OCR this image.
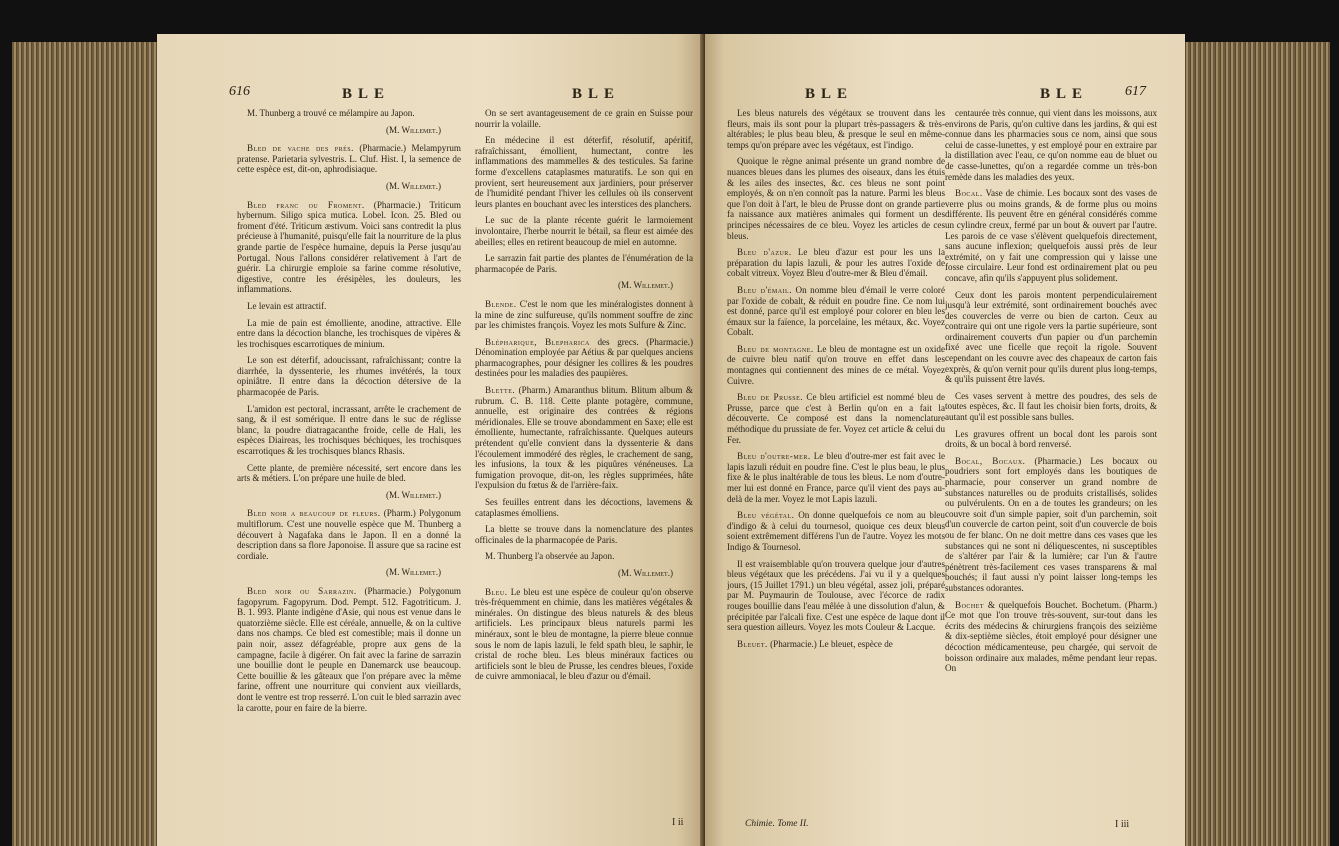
616	BLE	BLE

M. Thunberg a trouvé ce mélampire au Japon.

(M. Willemet.)

Bled de vache des prés. (Pharmacie.) Melampyrum pratense. Parietaria sylvestris. L. Cluf. Hist. I, la semence de cette espèce est, dit-on, aphrodisiaque.

(M. Willemet.)

Bled franc ou Froment. (Pharmacie.) Triticum hybernum. Siligo spica mutica. Lobel. Icon. 25. Bled ou froment d'été. Triticum æstivum. Voici sans contredit la plus précieuse à l'humanité, puisqu'elle fait la nourriture de la plus grande partie de l'espèce humaine, depuis la Perse jusqu'au Portugal. Nous l'allons considérer relativement à l'art de guérir. La chirurgie emploie sa farine comme résolutive, digestive, contre les érésipèles, les douleurs, les inflammations.

Le levain est attractif.

La mie de pain est émolliente, anodine, attractive. Elle entre dans la décoction blanche, les trochisques de vipères & les trochisques escarrotiques de minium.

Le son est déterfif, adoucissant, rafraîchissant; contre la diarrhée, la dyssenterie, les rhumes invétérés, la toux opiniâtre. Il entre dans la décoction détersive de la pharmacopée de Paris.

L'amidon est pectoral, incrassant, arrête le crachement de sang, & il est somérique. Il entre dans le suc de réglisse blanc, la poudre diatragacanthe froide, celle de Hali, les espèces Diaireas, les trochisques béchiques, les trochisques escarrotiques & les trochisques blancs Rhasis.

Cette plante, de première nécessité, sert encore dans les arts & métiers. L'on prépare une huile de bled.

(M. Willemet.)

Bled noir a beaucoup de fleurs. (Pharm.) Polygonum multiflorum. C'est une nouvelle espèce que M. Thunberg a découvert à Nagafaka dans le Japon. Il en a donné la description dans sa flore Japonoise. Il assure que sa racine est cordiale.

(M. Willemet.)

Bled noir ou Sarrazin. (Pharmacie.) Polygonum fagopyrum. Fagopyrum. Dod. Pempt. 512. Fagotriticum. J. B. 1. 993. Plante indigène d'Asie, qui nous est venue dans le quatorzième siècle. Elle est céréale, annuelle, & on la cultive dans nos champs. Ce bled est comestible; mais il donne un pain noir, assez défagréable, propre aux gens de la campagne, facile à digérer. On fait avec la farine de sarrazin une bouillie dont le peuple en Danemarck use beaucoup. Cette bouillie & les gâteaux que l'on prépare avec la même farine, offrent une nourriture qui convient aux vieillards, dont le ventre est trop resserré. L'on cuit le bled sarrazin avec la carotte, pour en faire de la bierre.

On se sert avantageusement de ce grain en Suisse pour nourrir la volaille.

En médecine il est déterfif, résolutif, apéritif, rafraîchissant, émollient, humectant, contre les inflammations des mammelles & des testicules. Sa farine forme d'excellens cataplasmes maturatifs. Le son qui en provient, sert heureusement aux jardiniers, pour préserver de l'humidité pendant l'hiver les cellules où ils conservent leurs plantes en bouchant avec les interstices des planchers.

Le suc de la plante récente guérit le larmoiement involontaire, l'herbe nourrit le bétail, sa fleur est aimée des abeilles; elles en retirent beaucoup de miel en automne.

Le sarrazin fait partie des plantes de l'énumération de la pharmacopée de Paris.

(M. Willemet.)

Blende. C'est le nom que les minéralogistes donnent à la mine de zinc sulfureuse, qu'ils nomment souffre de zinc par les chimistes françois. Voyez les mots Sulfure & Zinc.

Blépharique, Blepharica des grecs. (Pharmacie.) Dénomination employée par Aétius & par quelques anciens pharmacographes, pour désigner les collires & les poudres destinées pour les maladies des paupières.

Blette. (Pharm.) Amaranthus blitum. Blitum album & rubrum. C. B. 118. Cette plante potagère, commune, annuelle, est originaire des contrées & régions méridionales. Elle se trouve abondamment en Saxe; elle est émolliente, humectante, rafraîchissante. Quelques auteurs prétendent qu'elle convient dans la dyssenterie & dans l'écoulement immodéré des règles, le crachement de sang, les infusions, la toux & les piquûres vénéneuses. La fumigation provoque, dit-on, les règles supprimées, hâte l'expulsion du fœtus & de l'arrière-faix.

Ses feuilles entrent dans les décoctions, lavemens & cataplasmes émolliens.

La blette se trouve dans la nomenclature des plantes officinales de la pharmacopée de Paris.

M. Thunberg l'a observée au Japon.

(M. Willemet.)

Bleu. Le bleu est une espèce de couleur qu'on observe très-fréquemment en chimie, dans les matières végétales & minérales. On distingue des bleus naturels & des bleus artificiels. Les principaux bleus naturels parmi les minéraux, sont le bleu de montagne, la pierre bleue connue sous le nom de lapis lazuli, le feld spath bleu, le saphir, le cristal de roche bleu. Les bleus minéraux factices ou artificiels sont le bleu de Prusse, les cendres bleues, l'oxide de cuivre ammoniacal, le bleu d'azur ou d'émail.

I ii
BLE	BLE	617

Les bleus naturels des végétaux se trouvent dans les fleurs, mais ils sont pour la plupart très-passagers & très-altérables; le plus beau bleu, & presque le seul en même-temps qu'on prépare avec les végétaux, est l'indigo.

Quoique le règne animal présente un grand nombre de nuances bleues dans les plumes des oiseaux, dans les étuis & les ailes des insectes, &c. ces bleus ne sont point employés, & on n'en connoît pas la nature. Parmi les bleus que l'on doit à l'art, le bleu de Prusse dont on grande partie fa naissance aux matières animales qui forment un des principes nécessaires de ce bleu. Voyez les articles de ces bleus.

Bleu d'azur. Le bleu d'azur est pour les uns la préparation du lapis lazuli, & pour les autres l'oxide de cobalt vitreux. Voyez Bleu d'outre-mer & Bleu d'émail.

Bleu d'émail. On nomme bleu d'émail le verre coloré par l'oxide de cobalt, & réduit en poudre fine. Ce nom lui est donné, parce qu'il est employé pour colorer en bleu les émaux sur la faïence, la porcelaine, les métaux, &c. Voyez Cobalt.

Bleu de montagne. Le bleu de montagne est un oxide de cuivre bleu natif qu'on trouve en effet dans les montagnes qui contiennent des mines de ce métal. Voyez Cuivre.

Bleu de Prusse. Ce bleu artificiel est nommé bleu de Prusse, parce que c'est à Berlin qu'on en a fait la découverte. Ce composé est dans la nomenclature méthodique du prussiate de fer. Voyez cet article & celui du Fer.

Bleu d'outre-mer. Le bleu d'outre-mer est fait avec le lapis lazuli réduit en poudre fine. C'est le plus beau, le plus fixe & le plus inaltérable de tous les bleus. Le nom d'outre-mer lui est donné en France, parce qu'il vient des pays au-delà de la mer. Voyez le mot Lapis lazuli.

Bleu végétal. On donne quelquefois ce nom au bleu d'indigo & à celui du tournesol, quoique ces deux bleus soient extrêmement différens l'un de l'autre. Voyez les mots Indigo & Tournesol.

Il est vraisemblable qu'on trouvera quelque jour d'autres bleus végétaux que les précédens. J'ai vu il y a quelques jours, (15 Juillet 1791.) un bleu végétal, assez joli, préparé par M. Puymaurin de Toulouse, avec l'écorce de radix rouges bouillie dans l'eau mêlée à une dissolution d'alun, & précipitée par l'alcali fixe. C'est une espèce de laque dont il sera question ailleurs. Voyez les mots Couleur & Lacque.

Bleuet. (Pharmacie.) Le bleuet, espèce de

centaurée très connue, qui vient dans les moissons, aux environs de Paris, qu'on cultive dans les jardins, & qui est connue dans les pharmacies sous ce nom, ainsi que sous celui de casse-lunettes, y est employé pour en extraire par la distillation avec l'eau, ce qu'on nomme eau de bluet ou de casse-lunettes, qu'on a regardée comme un très-bon remède dans les maladies des yeux.

Bocal. Vase de chimie. Les bocaux sont des vases de verre plus ou moins grands, & de forme plus ou moins différente. Ils peuvent être en général considérés comme un cylindre creux, fermé par un bout & ouvert par l'autre. Les parois de ce vase s'élèvent quelquefois directement, sans aucune inflexion; quelquefois aussi près de leur extrémité, on y fait une compression qui y laisse une fosse circulaire. Leur fond est ordinairement plat ou peu concave, afin qu'ils s'appuyent plus solidement.

Ceux dont les parois montent perpendiculairement jusqu'à leur extrémité, sont ordinairement bouchés avec des couvercles de verre ou bien de carton. Ceux au contraire qui ont une rigole vers la partie supérieure, sont ordinairement couverts d'un papier ou d'un parchemin fixé avec une ficelle que reçoit la rigole. Souvent cependant on les couvre avec des chapeaux de carton fais exprès, & qu'on vernit pour qu'ils durent plus long-temps, & qu'ils puissent être lavés.

Ces vases servent à mettre des poudres, des sels de toutes espèces, &c. Il faut les choisir bien forts, droits, & autant qu'il est possible sans bulles.

Les gravures offrent un bocal dont les parois sont droits, & un bocal à bord renversé.

Bocal, Bocaux. (Pharmacie.) Les bocaux ou poudriers sont fort employés dans les boutiques de pharmacie, pour conserver un grand nombre de substances naturelles ou de produits cristallisés, solides ou pulvérulents. On en a de toutes les grandeurs; on les couvre soit d'un simple papier, soit d'un parchemin, soit d'un couvercle de carton peint, soit d'un couvercle de bois ou de fer blanc. On ne doit mettre dans ces vases que les substances qui ne sont ni déliquescentes, ni susceptibles de s'altérer par l'air & la lumière; car l'un & l'autre pénètrent très-facilement ces vases transparens & mal bouchés; il faut aussi n'y point laisser long-temps les substances odorantes.

Bochet & quelquefois Bouchet. Bochetum. (Pharm.) Ce mot que l'on trouve très-souvent, sur-tout dans les écrits des médecins & chirurgiens françois des seizième & dix-septième siècles, étoit employé pour désigner une décoction médicamenteuse, peu chargée, qui servoit de boisson ordinaire aux malades, même pendant leur repas. On

Chimie. Tome II.	I iii
